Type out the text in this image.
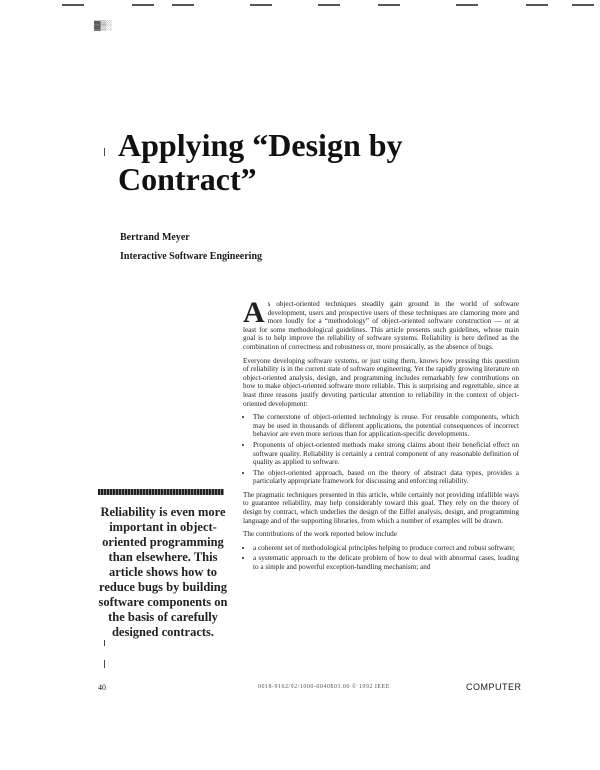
▓▒░
Applying “Design by Contract”
Bertrand Meyer
Interactive Software Engineering

A s object-oriented techniques steadily gain ground in the world of software development, users and prospective users of these techniques are clamoring more and more loudly for a “methodology” of object-oriented software construction — or at least for some methodological guidelines. This article presents such guidelines, whose main goal is to help improve the reliability of software systems. Reliability is here defined as the combination of correctness and robustness or, more prosaically, as the absence of bugs.

Everyone developing software systems, or just using them, knows how pressing this question of reliability is in the current state of software engineering. Yet the rapidly growing literature on object-oriented analysis, design, and programming includes remarkably few contributions on how to make object-oriented software more reliable. This is surprising and regrettable, since at least three reasons justify devoting particular attention to reliability in the context of object-oriented development:

• The cornerstone of object-oriented technology is reuse. For reusable components, which may be used in thousands of different applications, the potential consequences of incorrect behavior are even more serious than for application-specific developments.
• Proponents of object-oriented methods make strong claims about their beneficial effect on software quality. Reliability is certainly a central component of any reasonable definition of quality as applied to software.
• The object-oriented approach, based on the theory of abstract data types, provides a particularly appropriate framework for discussing and enforcing reliability.

The pragmatic techniques presented in this article, while certainly not providing infallible ways to guarantee reliability, may help considerably toward this goal. They rely on the theory of design by contract, which underlies the design of the Eiffel analysis, design, and programming language and of the supporting libraries, from which a number of examples will be drawn.

The contributions of the work reported below include

• a coherent set of methodological principles helping to produce correct and robust software;
• a systematic approach to the delicate problem of how to deal with abnormal cases, leading to a simple and powerful exception-handling mechanism; and

Reliability is even more important in object-oriented programming than elsewhere. This article shows how to reduce bugs by building software components on the basis of carefully designed contracts.

40	0018-9162/92/1000-0040$03.00 © 1992 IEEE	COMPUTER
